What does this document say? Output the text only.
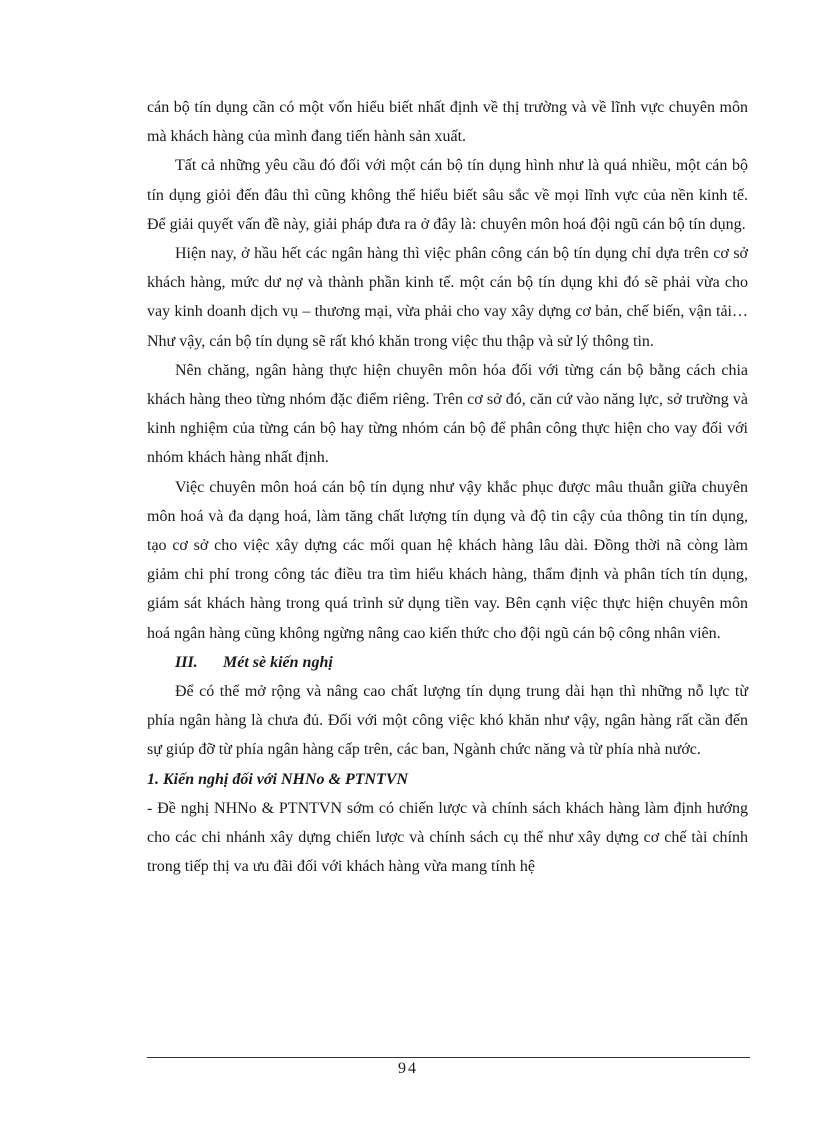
cán bộ tín dụng cần có một vốn hiểu biết nhất định về thị trường và về lĩnh vực chuyên môn mà khách hàng của mình đang tiến hành sản xuất.

Tất cả những yêu cầu đó đối với một cán bộ tín dụng hình như là quá nhiều, một cán bộ tín dụng giỏi đến đâu thì cũng không thể hiểu biết sâu sắc về mọi lĩnh vực của nền kinh tế. Để giải quyết vấn đề này, giải pháp đưa ra ở đây là: chuyên môn hoá đội ngũ cán bộ tín dụng.

Hiện nay, ở hầu hết các ngân hàng thì việc phân công cán bộ tín dụng chỉ dựa trên cơ sở khách hàng, mức dư nợ và thành phần kinh tế. một cán bộ tín dụng khi đó sẽ phải vừa cho vay kinh doanh dịch vụ – thương mại, vừa phải cho vay xây dựng cơ bản, chế biến, vận tải… Như vậy, cán bộ tín dụng sẽ rất khó khăn trong việc thu thập và sử lý thông tin.

Nên chăng, ngân hàng thực hiện chuyên môn hóa đối với từng cán bộ bằng cách chia khách hàng theo từng nhóm đặc điểm riêng. Trên cơ sở đó, căn cứ vào năng lực, sở trường và kinh nghiệm của từng cán bộ hay từng nhóm cán bộ để phân công thực hiện cho vay đối với nhóm khách hàng nhất định.

Việc chuyên môn hoá cán bộ tín dụng như vậy khắc phục được mâu thuẫn giữa chuyên môn hoá và đa dạng hoá, làm tăng chất lượng tín dụng và độ tin cậy của thông tin tín dụng, tạo cơ sở cho việc xây dựng các mối quan hệ khách hàng lâu dài. Đồng thời nã còng làm giảm chi phí trong công tác điều tra tìm hiểu khách hàng, thẩm định và phân tích tín dụng, giám sát khách hàng trong quá trình sử dụng tiền vay. Bên cạnh việc thực hiện chuyên môn hoá ngân hàng cũng không ngừng nâng cao kiến thức cho đội ngũ cán bộ công nhân viên.

III. Mét sè kiến nghị

Để có thể mở rộng và nâng cao chất lượng tín dụng trung dài hạn thì những nỗ lực từ phía ngân hàng là chưa đủ. Đối với một công việc khó khăn như vậy, ngân hàng rất cần đến sự giúp đỡ từ phía ngân hàng cấp trên, các ban, Ngành chức năng và từ phía nhà nước.

1. Kiến nghị đối với NHNo & PTNTVN

- Đề nghị NHNo & PTNTVN sớm có chiến lược và chính sách khách hàng làm định hướng cho các chi nhánh xây dựng chiến lược và chính sách cụ thể như xây dựng cơ chế tài chính trong tiếp thị va ưu đãi đối với khách hàng vừa mang tính hệ

94
